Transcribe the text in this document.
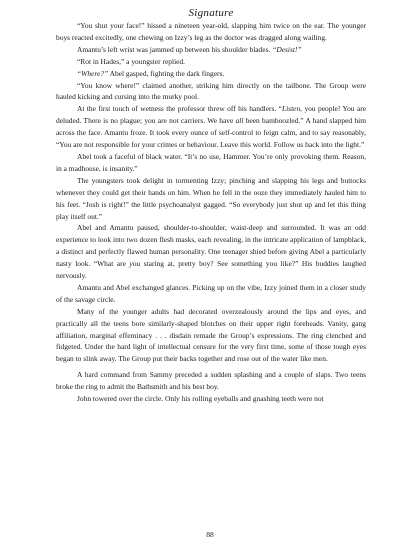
Signature

“You shut your face!” hissed a nineteen year-old, slapping him twice on the ear. The younger boys reacted excitedly, one chewing on Izzy’s leg as the doctor was dragged along wailing.

Amantu’s left wrist was jammed up between his shoulder blades. “Desist!”

“Rot in Hades,” a youngster replied.

“Where?” Abel gasped, fighting the dark fingers.

“You know where!” claimed another, striking him directly on the tailbone. The Group were hauled kicking and cursing into the murky pool.

At the first touch of wetness the professor threw off his handlers. “Listen, you people! You are deluded. There is no plague; you are not carriers. We have all been bamboozled.” A hand slapped him across the face. Amantu froze. It took every ounce of self-control to feign calm, and to say reasonably, “You are not responsible for your crimes or behaviour. Leave this world. Follow us back into the light.”

Abel took a faceful of black water. “It’s no use, Hammer. You’re only provoking them. Reason, in a madhouse, is insanity.”

The youngsters took delight in tormenting Izzy; pinching and slapping his legs and buttocks whenever they could get their hands on him. When he fell in the ooze they immediately hauled him to his feet. “Josh is right!” the little psychoanalyst gagged. “So everybody just shut up and let this thing play itself out.”

Abel and Amantu paused, shoulder-to-shoulder, waist-deep and surrounded. It was an odd experience to look into two dozen flesh masks, each revealing, in the intricate application of lampblack, a distinct and perfectly flawed human personality. One teenager shied before giving Abel a particularly nasty look. “What are you staring at, pretty boy? See something you like?” His buddies laughed nervously.

Amantu and Abel exchanged glances. Picking up on the vibe, Izzy joined them in a closer study of the savage circle.

Many of the younger adults had decorated overzealously around the lips and eyes, and practically all the teens bore similarly-shaped blotches on their upper right foreheads. Vanity, gang affiliation, marginal effeminacy . . . disdain remade the Group’s expressions. The ring clenched and fidgeted. Under the hard light of intellectual censure for the very first time, some of those tough eyes began to slink away. The Group put their backs together and rose out of the water like men.

A hard command from Sammy preceded a sudden splashing and a couple of slaps. Two teens broke the ring to admit the Bathsmith and his best boy.

John towered over the circle. Only his rolling eyeballs and gnashing teeth were not

88
